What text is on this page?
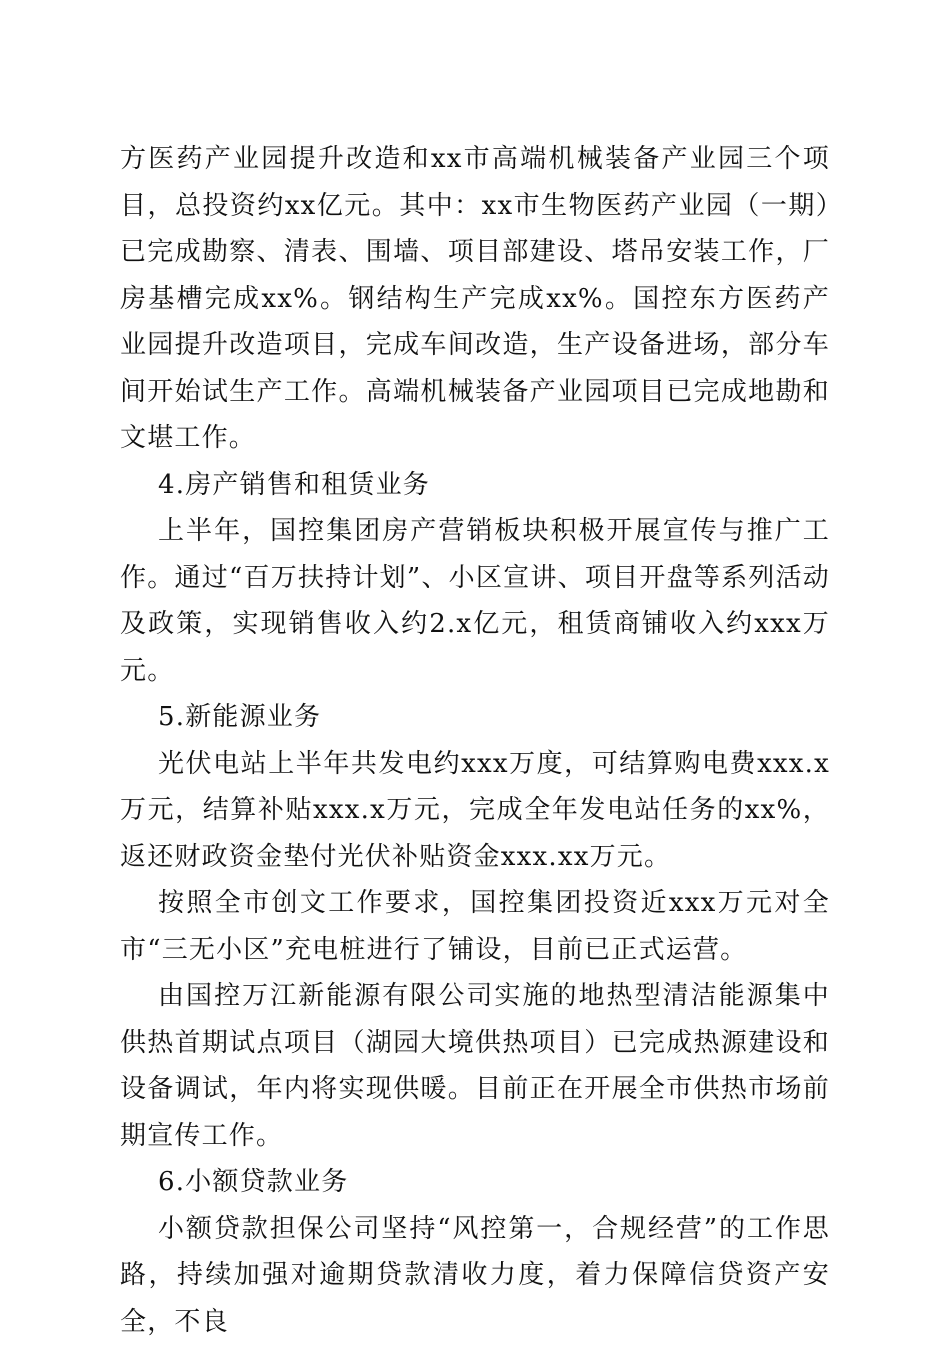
方医药产业园提升改造和xx市高端机械装备产业园三个项目，总投资约xx亿元。其中：xx市生物医药产业园（一期）已完成勘察、清表、围墙、项目部建设、塔吊安装工作，厂房基槽完成xx%。钢结构生产完成xx%。国控东方医药产业园提升改造项目，完成车间改造，生产设备进场，部分车间开始试生产工作。高端机械装备产业园项目已完成地勘和文堪工作。

4.房产销售和租赁业务

上半年，国控集团房产营销板块积极开展宣传与推广工作。通过“百万扶持计划”、小区宣讲、项目开盘等系列活动及政策，实现销售收入约2.x亿元，租赁商铺收入约xxx万元。

5.新能源业务

光伏电站上半年共发电约xxx万度，可结算购电费xxx.x万元，结算补贴xxx.x万元，完成全年发电站任务的xx%，返还财政资金垫付光伏补贴资金xxx.xx万元。

按照全市创文工作要求，国控集团投资近xxx万元对全市“三无小区”充电桩进行了铺设，目前已正式运营。

由国控万江新能源有限公司实施的地热型清洁能源集中供热首期试点项目（湖园大境供热项目）已完成热源建设和设备调试，年内将实现供暖。目前正在开展全市供热市场前期宣传工作。

6.小额贷款业务

小额贷款担保公司坚持“风控第一，合规经营”的工作思路，持续加强对逾期贷款清收力度，着力保障信贷资产安全，不良
